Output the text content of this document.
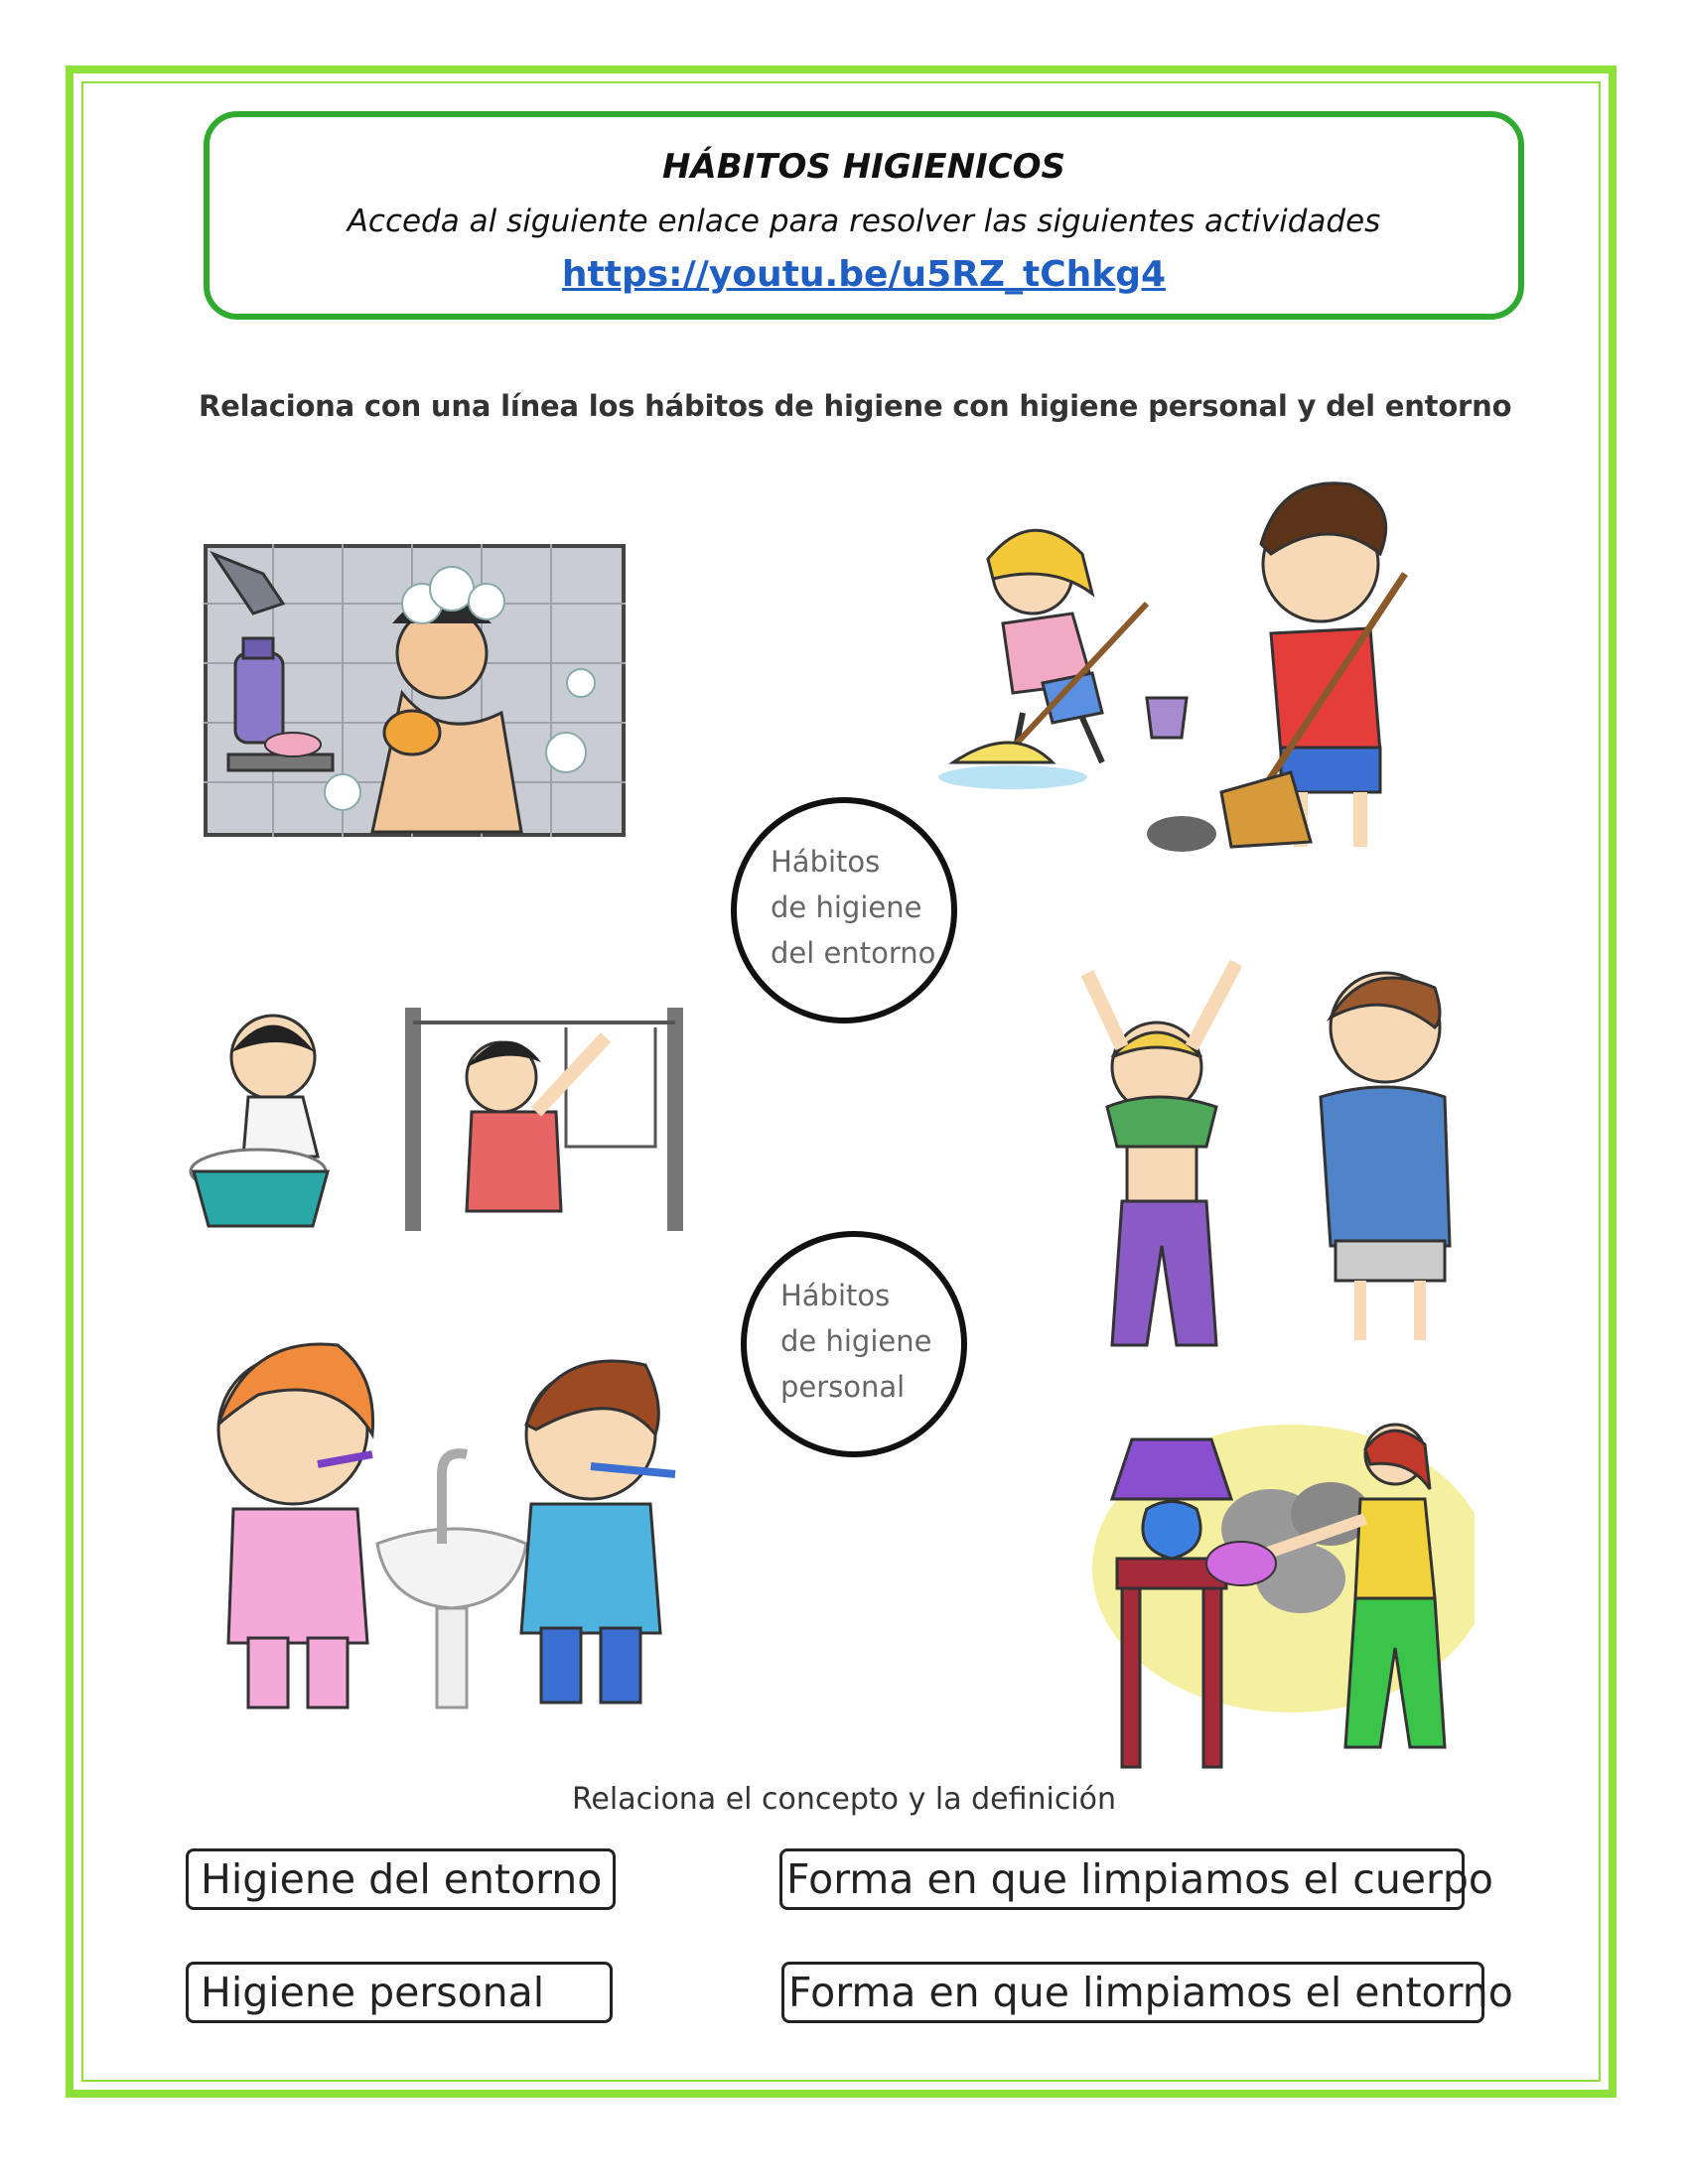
HÁBITOS HIGIENICOS
Acceda al siguiente enlace para resolver las siguientes actividades
https://youtu.be/u5RZ_tChkg4
Relaciona con una línea los hábitos de higiene con higiene personal y del entorno
Hábitos
de higiene
del entorno
Hábitos
de higiene
personal
Relaciona el concepto y la definición
Higiene del entorno
Higiene personal
Forma en que limpiamos el cuerpo
Forma en que limpiamos el entorno
